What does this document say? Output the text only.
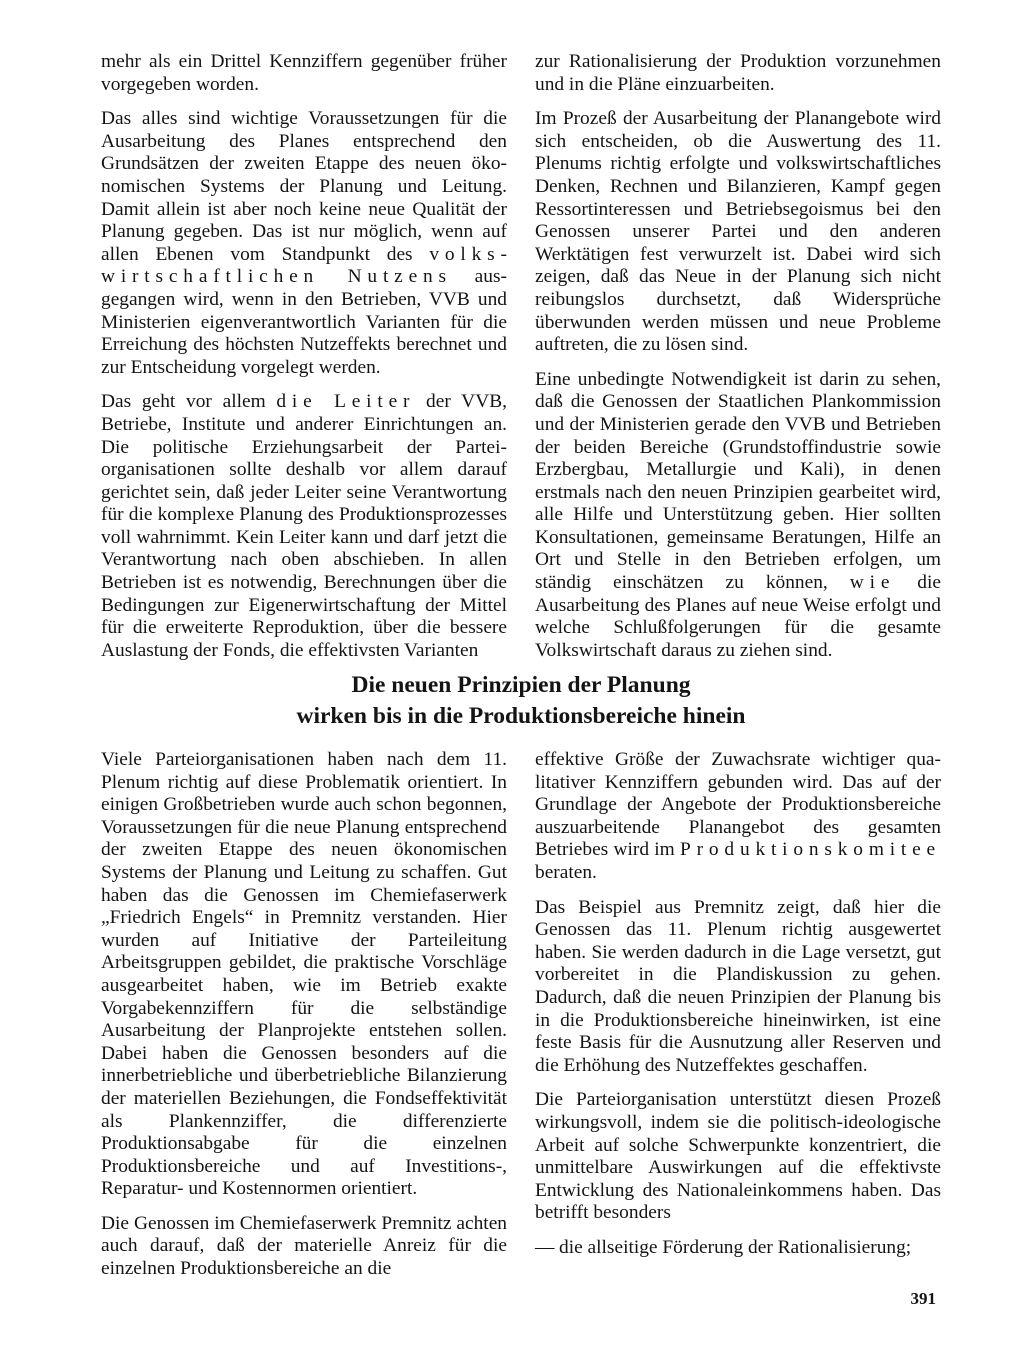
mehr als ein Drittel Kennziffern gegenüber früher vorgegeben worden.

Das alles sind wichtige Voraussetzungen für die Ausarbeitung des Planes entsprechend den Grundsätzen der zweiten Etappe des neuen ökonomischen Systems der Planung und Leitung. Damit allein ist aber noch keine neue Qualität der Planung gegeben. Das ist nur möglich, wenn auf allen Ebenen vom Standpunkt des volkswirtschaftlichen Nutzens ausgegangen wird, wenn in den Betrieben, VVB und Ministerien eigenverantwortlich Varianten für die Erreichung des höchsten Nutzeffekts berechnet und zur Entscheidung vorgelegt werden.

Das geht vor allem die Leiter der VVB, Betriebe, Institute und anderer Einrichtungen an. Die politische Erziehungsarbeit der Parteiorganisationen sollte deshalb vor allem darauf gerichtet sein, daß jeder Leiter seine Verantwortung für die komplexe Planung des Produktionsprozesses voll wahrnimmt. Kein Leiter kann und darf jetzt die Verantwortung nach oben abschieben. In allen Betrieben ist es notwendig, Berechnungen über die Bedingungen zur Eigenerwirtschaftung der Mittel für die erweiterte Reproduktion, über die bessere Auslastung der Fonds, die effektivsten Varianten

zur Rationalisierung der Produktion vorzunehmen und in die Pläne einzuarbeiten.

Im Prozeß der Ausarbeitung der Planangebote wird sich entscheiden, ob die Auswertung des 11. Plenums richtig erfolgte und volkswirtschaftliches Denken, Rechnen und Bilanzieren, Kampf gegen Ressortinteressen und Betriebsegoismus bei den Genossen unserer Partei und den anderen Werktätigen fest verwurzelt ist. Dabei wird sich zeigen, daß das Neue in der Planung sich nicht reibungslos durchsetzt, daß Widersprüche überwunden werden müssen und neue Probleme auftreten, die zu lösen sind.

Eine unbedingte Notwendigkeit ist darin zu sehen, daß die Genossen der Staatlichen Plankommission und der Ministerien gerade den VVB und Betrieben der beiden Bereiche (Grundstoffindustrie sowie Erzbergbau, Metallurgie und Kali), in denen erstmals nach den neuen Prinzipien gearbeitet wird, alle Hilfe und Unterstützung geben. Hier sollten Konsultationen, gemeinsame Beratungen, Hilfe an Ort und Stelle in den Betrieben erfolgen, um ständig einschätzen zu können, wie die Ausarbeitung des Planes auf neue Weise erfolgt und welche Schlußfolgerungen für die gesamte Volkswirtschaft daraus zu ziehen sind.

Die neuen Prinzipien der Planung
wirken bis in die Produktionsbereiche hinein

Viele Parteiorganisationen haben nach dem 11. Plenum richtig auf diese Problematik orientiert. In einigen Großbetrieben wurde auch schon begonnen, Voraussetzungen für die neue Planung entsprechend der zweiten Etappe des neuen ökonomischen Systems der Planung und Leitung zu schaffen. Gut haben das die Genossen im Chemiefaserwerk „Friedrich Engels“ in Premnitz verstanden. Hier wurden auf Initiative der Parteileitung Arbeitsgruppen gebildet, die praktische Vorschläge ausgearbeitet haben, wie im Betrieb exakte Vorgabekennziffern für die selbständige Ausarbeitung der Planprojekte entstehen sollen. Dabei haben die Genossen besonders auf die innerbetriebliche und überbetriebliche Bilanzierung der materiellen Beziehungen, die Fondseffektivität als Plankennziffer, die differenzierte Produktionsabgabe für die einzelnen Produktionsbereiche und auf Investitions-, Reparatur- und Kostennormen orientiert.

Die Genossen im Chemiefaserwerk Premnitz achten auch darauf, daß der materielle Anreiz für die einzelnen Produktionsbereiche an die

effektive Größe der Zuwachsrate wichtiger qualitativer Kennziffern gebunden wird. Das auf der Grundlage der Angebote der Produktionsbereiche auszuarbeitende Planangebot des gesamten Betriebes wird im Produktionskomitee beraten.

Das Beispiel aus Premnitz zeigt, daß hier die Genossen das 11. Plenum richtig ausgewertet haben. Sie werden dadurch in die Lage versetzt, gut vorbereitet in die Plandiskussion zu gehen. Dadurch, daß die neuen Prinzipien der Planung bis in die Produktionsbereiche hineinwirken, ist eine feste Basis für die Ausnutzung aller Reserven und die Erhöhung des Nutzeffektes geschaffen.

Die Parteiorganisation unterstützt diesen Prozeß wirkungsvoll, indem sie die politisch-ideologische Arbeit auf solche Schwerpunkte konzentriert, die unmittelbare Auswirkungen auf die effektivste Entwicklung des Nationaleinkommens haben. Das betrifft besonders

— die allseitige Förderung der Rationalisierung;

391
